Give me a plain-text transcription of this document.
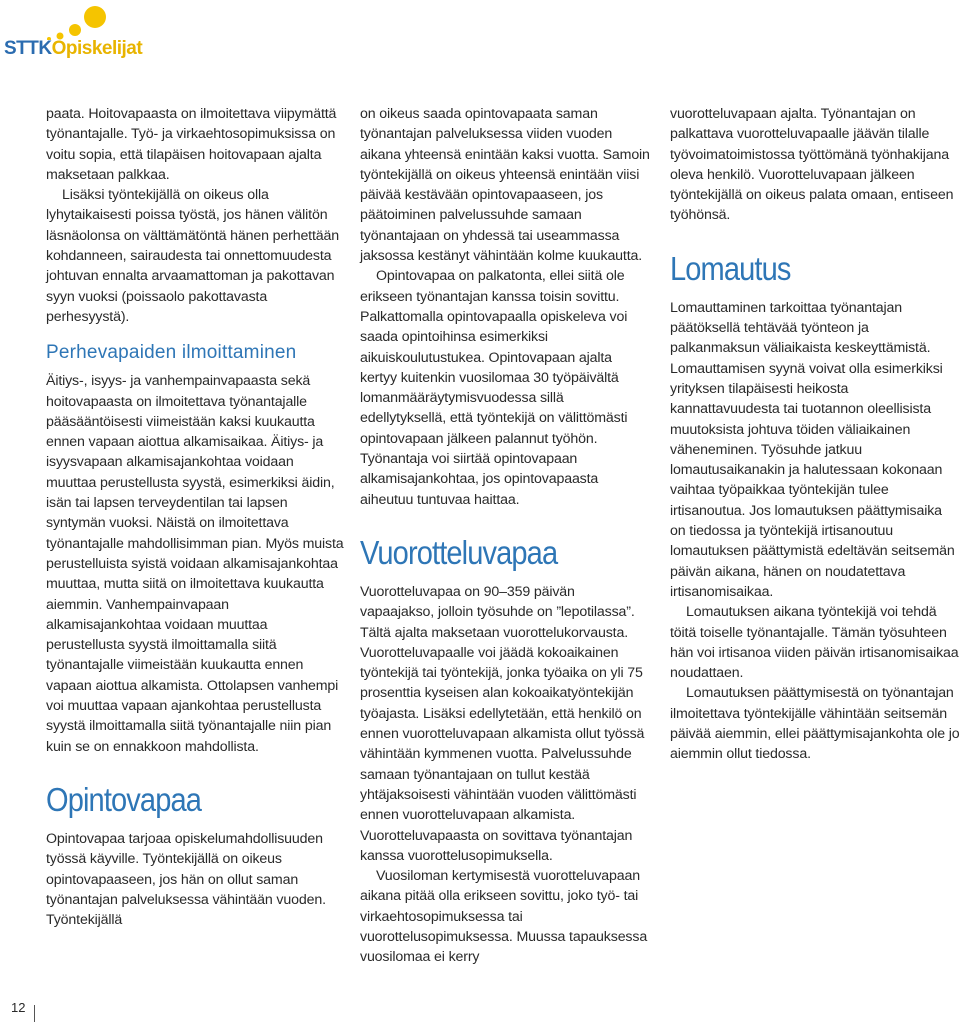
STTKOpiskelijat

paata. Hoitovapaasta on ilmoitettava viipymättä työnantajalle. Työ- ja virkaehtosopimuksissa on voitu sopia, että tilapäisen hoitovapaan ajalta maksetaan palkkaa.

Lisäksi työntekijällä on oikeus olla lyhytaikaisesti poissa työstä, jos hänen välitön läsnäolonsa on välttämätöntä hänen perhettään kohdanneen, sairaudesta tai onnettomuudesta johtuvan ennalta arvaamattoman ja pakottavan syyn vuoksi (poissaolo pakottavasta perhesyystä).

Perhevapaiden ilmoittaminen

Äitiys-, isyys- ja vanhempainvapaasta sekä hoitovapaasta on ilmoitettava työnantajalle pääsääntöisesti viimeistään kaksi kuukautta ennen vapaan aiottua alkamisaikaa. Äitiys- ja isyysvapaan alkamisajankohtaa voidaan muuttaa perustellusta syystä, esimerkiksi äidin, isän tai lapsen terveydentilan tai lapsen syntymän vuoksi. Näistä on ilmoitettava työnantajalle mahdollisimman pian. Myös muista perustelluista syistä voidaan alkamisajankohtaa muuttaa, mutta siitä on ilmoitettava kuukautta aiemmin. Vanhempainvapaan alkamisajankohtaa voidaan muuttaa perustellusta syystä ilmoittamalla siitä työnantajalle viimeistään kuukautta ennen vapaan aiottua alkamista. Ottolapsen vanhempi voi muuttaa vapaan ajankohtaa perustellusta syystä ilmoittamalla siitä työnantajalle niin pian kuin se on ennakkoon mahdollista.

Opintovapaa

Opintovapaa tarjoaa opiskelumahdollisuuden työssä käyville. Työntekijällä on oikeus opintovapaaseen, jos hän on ollut saman työnantajan palveluksessa vähintään vuoden. Työntekijällä

on oikeus saada opintovapaata saman työnantajan palveluksessa viiden vuoden aikana yhteensä enintään kaksi vuotta. Samoin työntekijällä on oikeus yhteensä enintään viisi päivää kestävään opintovapaaseen, jos päätoiminen palvelussuhde samaan työnantajaan on yhdessä tai useammassa jaksossa kestänyt vähintään kolme kuukautta.

Opintovapaa on palkatonta, ellei siitä ole erikseen työnantajan kanssa toisin sovittu. Palkattomalla opintovapaalla opiskeleva voi saada opintoihinsa esimerkiksi aikuiskoulutustukea. Opintovapaan ajalta kertyy kuitenkin vuosilomaa 30 työpäivältä lomanmääräytymisvuodessa sillä edellytyksellä, että työntekijä on välittömästi opintovapaan jälkeen palannut työhön. Työnantaja voi siirtää opintovapaan alkamisajankohtaa, jos opintovapaasta aiheutuu tuntuvaa haittaa.

Vuorotteluvapaa

Vuorotteluvapaa on 90–359 päivän vapaajakso, jolloin työsuhde on ”lepotilassa”. Tältä ajalta maksetaan vuorottelukorvausta. Vuorotteluvapaalle voi jäädä kokoaikainen työntekijä tai työntekijä, jonka työaika on yli 75 prosenttia kyseisen alan kokoaikatyöntekijän työajasta. Lisäksi edellytetään, että henkilö on ennen vuorotteluvapaan alkamista ollut työssä vähintään kymmenen vuotta. Palvelussuhde samaan työnantajaan on tullut kestää yhtäjaksoisesti vähintään vuoden välittömästi ennen vuorotteluvapaan alkamista. Vuorotteluvapaasta on sovittava työnantajan kanssa vuorottelusopimuksella.

Vuosiloman kertymisestä vuorotteluvapaan aikana pitää olla erikseen sovittu, joko työ- tai virkaehtosopimuksessa tai vuorottelusopimuksessa. Muussa tapauksessa vuosilomaa ei kerry

vuorotteluvapaan ajalta. Työnantajan on palkattava vuorotteluvapaalle jäävän tilalle työvoimatoimistossa työttömänä työnhakijana oleva henkilö. Vuorotteluvapaan jälkeen työntekijällä on oikeus palata omaan, entiseen työhönsä.

Lomautus

Lomauttaminen tarkoittaa työnantajan päätöksellä tehtävää työnteon ja palkanmaksun väliaikaista keskeyttämistä. Lomauttamisen syynä voivat olla esimerkiksi yrityksen tilapäisesti heikosta kannattavuudesta tai tuotannon oleellisista muutoksista johtuva töiden väliaikainen väheneminen. Työsuhde jatkuu lomautusaikanakin ja halutessaan kokonaan vaihtaa työpaikkaa työntekijän tulee irtisanoutua. Jos lomautuksen päättymisaika on tiedossa ja työntekijä irtisanoutuu lomautuksen päättymistä edeltävän seitsemän päivän aikana, hänen on noudatettava irtisanomisaikaa.

Lomautuksen aikana työntekijä voi tehdä töitä toiselle työnantajalle. Tämän työsuhteen hän voi irtisanoa viiden päivän irtisanomisaikaa noudattaen.

Lomautuksen päättymisestä on työnantajan ilmoitettava työntekijälle vähintään seitsemän päivää aiemmin, ellei päättymisajankohta ole jo aiemmin ollut tiedossa.

12
